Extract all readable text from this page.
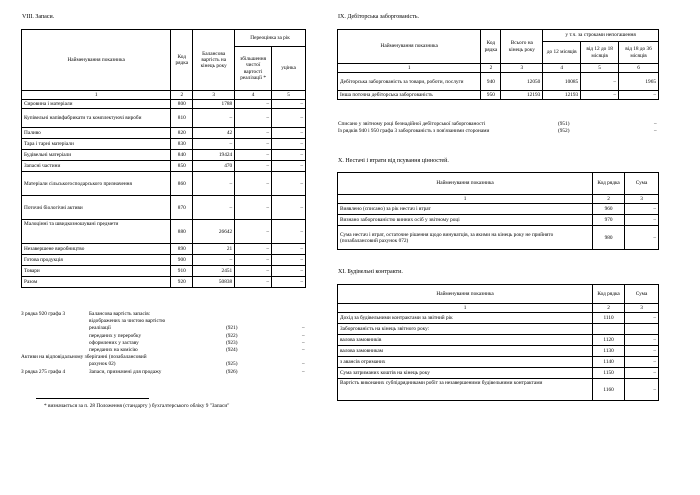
VIII. Запаси.
Найменування показника	Код рядка	Балансова вартість на кінець року	Переоцінка за рік	
			збільшення чистої вартості реалізації *	уцінка
1	2	3	4	5
Сировина і матеріали	800	1788	–	–
Купівельні напівфабрикати та комплектуючі вироби	810	–	–	–
Паливо	820	42	–	–
Тара і тарні матеріали	830	–	–	–
Будівельні матеріали	840	19424	–	–
Запасні частини	850	470	–	–
Матеріали сільськогосподарського призначення	860	–	–	–
Поточні біологічні активи	870	–	–	–
Малоцінні та швидкозношувані предмети	880	26642	–	–
Незавершене виробництво	890	21	–	–
Готова продукція	900	–	–	–
Товари	910	2451	–	–
Разом	920	50838	–	–
З рядка 920 графа 3	Балансова вартість запасів:
відображених за чистою вартістю
реалізації	(921)	–
переданих у переробку	(922)	–
оформлених у заставу	(923)	–
переданих на комісію	(924)	–
Активи на відповідальному зберіганні (позабалансовий
рахунок 02)	(925)	–
З рядка 275 графа 4	Запаси, призначені для продажу	(926)	–
* визначається за п. 28 Положення (стандарту ) бухгалтерського обліку 9 "Запаси"
IX. Дебіторська заборгованість.
Найменування показника	Код рядка	Всього на кінець року	у т.ч. за строками непогашення		
			до 12 місяців	від 12 до 18 місяців	від 18 до 36 місяців
1	2	3	4	5	6
Дебіторська заборгованість за товари, роботи, послуги	940	12050	10085	–	1965
Інша поточна дебіторська заборгованість	950	12193	12193	–	–
Списано у звітному році безнадійної дебіторської заборгованості	(951)	–
Із рядків 940 і 950 графа 3 заборгованість з пов'язаними сторонами	(952)	–
X. Нестачі і втрати від псування цінностей.
Найменування показника	Код рядка	Сума
1	2	3
Виявлено (списано) за рік нестач і втрат	960	–
Визнано заборгованістю винних осіб у звітному році	970	–
Сума нестач і втрат, остаточне рішення щодо винуватців, за якими на кінець року не прийнято (позабалансовий рахунок 072)	980	–
XI. Будівельні контракти.
Найменування показника	Код рядка	Сума
1	2	3
Дохід за будівельними контрактами за звітний рік	1110	–
Заборгованість на кінець звітного року:		
валова замовників	1120	–
валова замовникам	1130	–
з авансів отриманих	1140	–
Сума затриманих коштів на кінець року	1150	–
Вартість виконаних субпідрядниками робіт за незавершеними будівельними контрактами	1160	–
